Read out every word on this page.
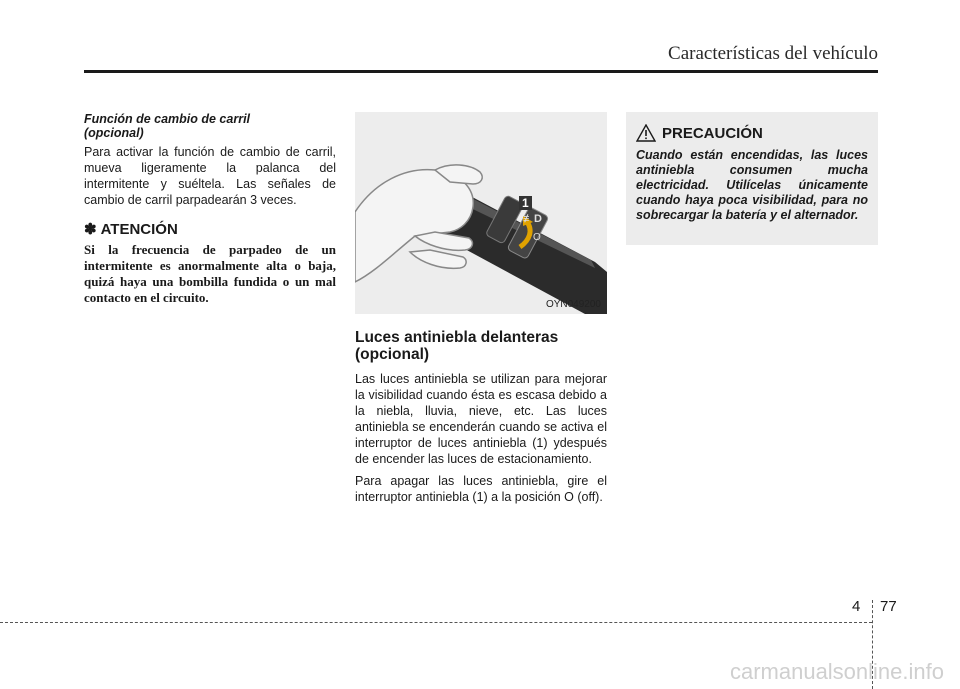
Características del vehículo

Función de cambio de carril
(opcional)

Para activar la función de cambio de carril, mueva ligeramente la palanca del intermitente y suéltela. Las señales de cambio de carril parpadearán 3 veces.

✽ ATENCIÓN

Si la frecuencia de parpadeo de un intermitente es anormalmente alta o baja, quizá haya una bombilla fundida o un mal contacto en el circuito.

≢D
O
1
OYN049200

Luces antiniebla delanteras
(opcional)

Las luces antiniebla se utilizan para mejorar la visibilidad cuando ésta es escasa debido a la niebla, lluvia, nieve, etc. Las luces antiniebla se encenderán cuando se activa el interruptor de luces antiniebla (1) ydespués de encender las luces de estacionamiento.

Para apagar las luces antiniebla, gire el interruptor antiniebla (1) a la posición O (off).

PRECAUCIÓN

Cuando están encendidas, las luces antiniebla consumen mucha electricidad. Utilícelas únicamente cuando haya poca visibilidad, para no sobrecargar la batería y el alternador.

4 77
carmanualsonline.info
